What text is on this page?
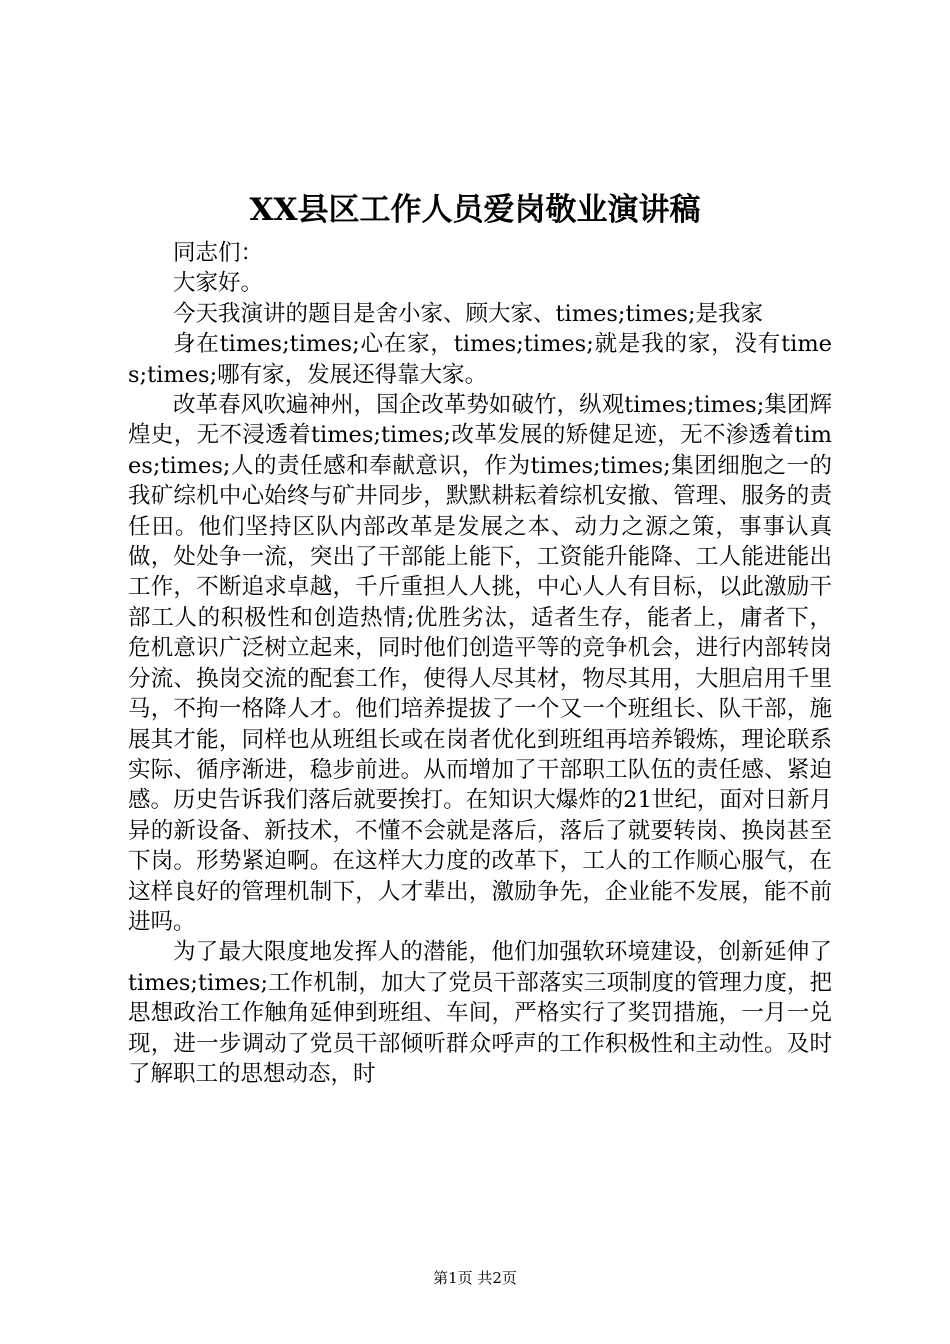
XX县区工作人员爱岗敬业演讲稿

同志们：

大家好。

今天我演讲的题目是舍小家、顾大家、times;times;是我家

身在times;times;心在家，times;times;就是我的家，没有times;times;哪有家，发展还得靠大家。

改革春风吹遍神州，国企改革势如破竹，纵观times;times;集团辉煌史，无不浸透着times;times;改革发展的矫健足迹，无不渗透着times;times;人的责任感和奉献意识，作为times;times;集团细胞之一的我矿综机中心始终与矿井同步，默默耕耘着综机安撤、管理、服务的责任田。他们坚持区队内部改革是发展之本、动力之源之策，事事认真做，处处争一流，突出了干部能上能下，工资能升能降、工人能进能出工作，不断追求卓越，千斤重担人人挑，中心人人有目标，以此激励干部工人的积极性和创造热情;优胜劣汰，适者生存，能者上，庸者下，危机意识广泛树立起来，同时他们创造平等的竞争机会，进行内部转岗分流、换岗交流的配套工作，使得人尽其材，物尽其用，大胆启用千里马，不拘一格降人才。他们培养提拔了一个又一个班组长、队干部，施展其才能，同样也从班组长或在岗者优化到班组再培养锻炼，理论联系实际、循序渐进，稳步前进。从而增加了干部职工队伍的责任感、紧迫感。历史告诉我们落后就要挨打。在知识大爆炸的21世纪，面对日新月异的新设备、新技术，不懂不会就是落后，落后了就要转岗、换岗甚至下岗。形势紧迫啊。在这样大力度的改革下，工人的工作顺心服气，在这样良好的管理机制下，人才辈出，激励争先，企业能不发展，能不前进吗。

为了最大限度地发挥人的潜能，他们加强软环境建设，创新延伸了times;times;工作机制，加大了党员干部落实三项制度的管理力度，把思想政治工作触角延伸到班组、车间，严格实行了奖罚措施，一月一兑现，进一步调动了党员干部倾听群众呼声的工作积极性和主动性。及时了解职工的思想动态，时

第1页 共2页
